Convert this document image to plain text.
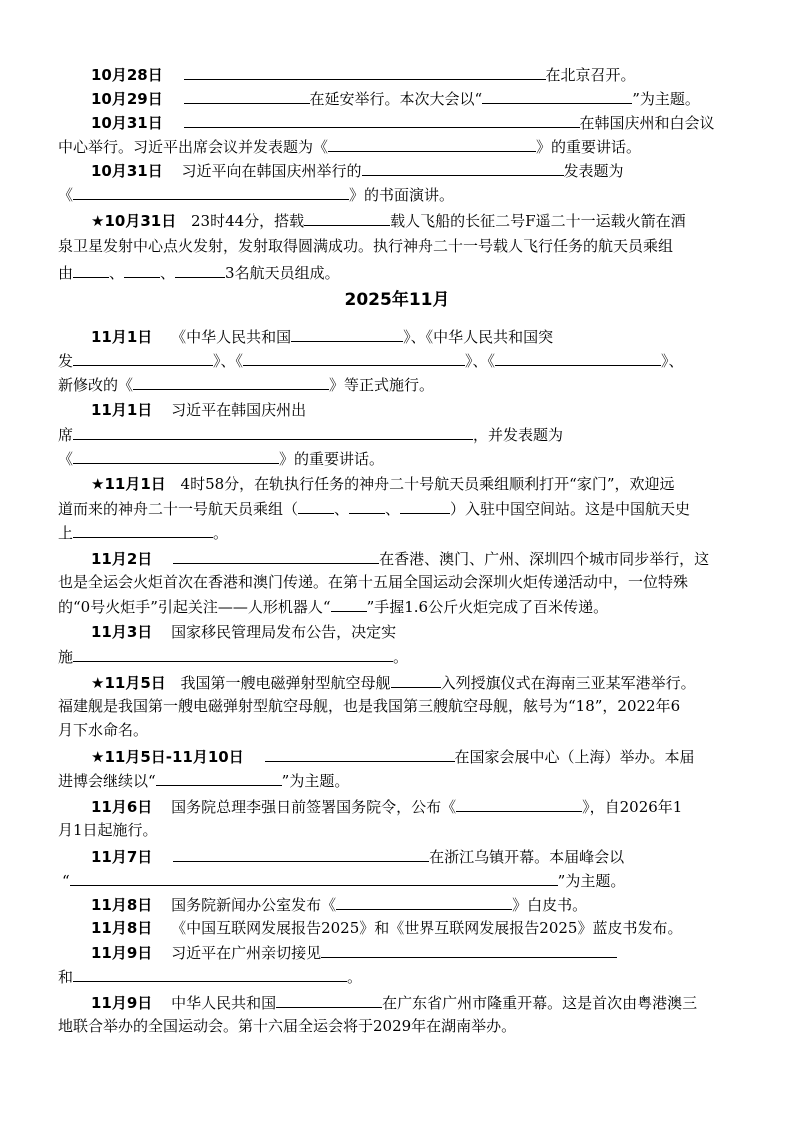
10月28日	在北京召开。
10月29日	在延安举行。本次大会以“	”为主题。
10月31日	在韩国庆州和白会议
中心举行。习近平出席会议并发表题为《	》的重要讲话。
10月31日 习近平向在韩国庆州举行的	发表题为
《	》的书面演讲。
★10月31日 23时44分，搭载	载人飞船的长征二号F遥二十一运载火箭在酒
泉卫星发射中心点火发射，发射取得圆满成功。执行神舟二十一号载人飞行任务的航天员乘组
由 、 、	3名航天员组成。
2025年11月
11月1日 《中华人民共和国	》、《中华人民共和国突
发	》、《	》、《	》、
新修改的《	》等正式施行。
11月1日 习近平在韩国庆州出
席	，并发表题为
《	》的重要讲话。
★11月1日 4时58分，在轨执行任务的神舟二十号航天员乘组顺利打开“家门”，欢迎远
道而来的神舟二十一号航天员乘组（ 、 、	）入驻中国空间站。这是中国航天史
上	。
11月2日	在香港、澳门、广州、深圳四个城市同步举行，这
也是全运会火炬首次在香港和澳门传递。在第十五届全国运动会深圳火炬传递活动中，一位特殊
的“0号火炬手”引起关注——人形机器人“ ”手握1.6公斤火炬完成了百米传递。
11月3日 国家移民管理局发布公告，决定实
施	。
★11月5日 我国第一艘电磁弹射型航空母舰	入列授旗仪式在海南三亚某军港举行。
福建舰是我国第一艘电磁弹射型航空母舰，也是我国第三艘航空母舰，舷号为“18”，2022年6
月下水命名。
★11月5日-11月10日	在国家会展中心（上海）举办。本届
进博会继续以“	”为主题。
11月6日 国务院总理李强日前签署国务院令，公布《	》，自2026年1
月1日起施行。
11月7日	在浙江乌镇开幕。本届峰会以
“	”为主题。
11月8日 国务院新闻办公室发布《	》白皮书。
11月8日 《中国互联网发展报告2025》和《世界互联网发展报告2025》蓝皮书发布。
11月9日 习近平在广州亲切接见
和	。
11月9日 中华人民共和国	在广东省广州市隆重开幕。这是首次由粤港澳三
地联合举办的全国运动会。第十六届全运会将于2029年在湖南举办。
